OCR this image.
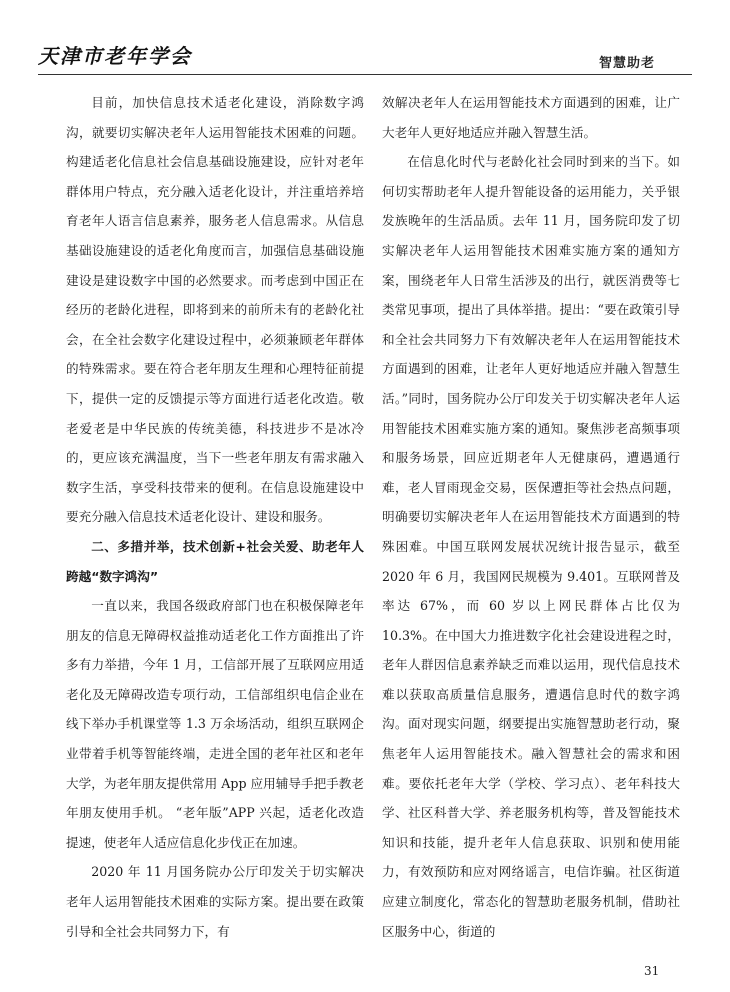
天津市老年学会	智慧助老

目前，加快信息技术适老化建设，消除数字鸿沟，就要切实解决老年人运用智能技术困难的问题。构建适老化信息社会信息基础设施建设，应针对老年群体用户特点，充分融入适老化设计，并注重培养培育老年人语言信息素养，服务老人信息需求。从信息基础设施建设的适老化角度而言，加强信息基础设施建设是建设数字中国的必然要求。而考虑到中国正在经历的老龄化进程，即将到来的前所未有的老龄化社会，在全社会数字化建设过程中，必须兼顾老年群体的特殊需求。要在符合老年朋友生理和心理特征前提下，提供一定的反馈提示等方面进行适老化改造。敬老爱老是中华民族的传统美德，科技进步不是冰冷的，更应该充满温度，当下一些老年朋友有需求融入数字生活，享受科技带来的便利。在信息设施建设中要充分融入信息技术适老化设计、建设和服务。

二、多措并举，技术创新+社会关爱、助老年人跨越“数字鸿沟”

一直以来，我国各级政府部门也在积极保障老年朋友的信息无障碍权益推动适老化工作方面推出了许多有力举措，今年 1 月，工信部开展了互联网应用适老化及无障碍改造专项行动，工信部组织电信企业在线下举办手机课堂等 1.3 万余场活动，组织互联网企业带着手机等智能终端，走进全国的老年社区和老年大学，为老年朋友提供常用 App 应用辅导手把手教老年朋友使用手机。 “老年版”APP 兴起，适老化改造提速，使老年人适应信息化步伐正在加速。

2020 年 11 月国务院办公厅印发关于切实解决老年人运用智能技术困难的实际方案。提出要在政策引导和全社会共同努力下，有

效解决老年人在运用智能技术方面遇到的困难，让广大老年人更好地适应并融入智慧生活。

在信息化时代与老龄化社会同时到来的当下。如何切实帮助老年人提升智能设备的运用能力，关乎银发族晚年的生活品质。去年 11 月，国务院印发了切实解决老年人运用智能技术困难实施方案的通知方案，围绕老年人日常生活涉及的出行，就医消费等七类常见事项，提出了具体举措。提出：“要在政策引导和全社会共同努力下有效解决老年人在运用智能技术方面遇到的困难，让老年人更好地适应并融入智慧生活。”同时，国务院办公厅印发关于切实解决老年人运用智能技术困难实施方案的通知。聚焦涉老高频事项和服务场景，回应近期老年人无健康码，遭遇通行难，老人冒雨现金交易，医保遭拒等社会热点问题，明确要切实解决老年人在运用智能技术方面遇到的特殊困难。中国互联网发展状况统计报告显示，截至 2020 年 6 月，我国网民规模为 9.401。互联网普及率达 67%，而 60 岁以上网民群体占比仅为 10.3%。在中国大力推进数字化社会建设进程之时，老年人群因信息素养缺乏而难以运用，现代信息技术难以获取高质量信息服务，遭遇信息时代的数字鸿沟。面对现实问题，纲要提出实施智慧助老行动，聚焦老年人运用智能技术。融入智慧社会的需求和困难。要依托老年大学（学校、学习点）、老年科技大学、社区科普大学、养老服务机构等，普及智能技术知识和技能，提升老年人信息获取、识别和使用能力，有效预防和应对网络谣言，电信诈骗。社区街道应建立制度化，常态化的智慧助老服务机制，借助社区服务中心，街道的

31
